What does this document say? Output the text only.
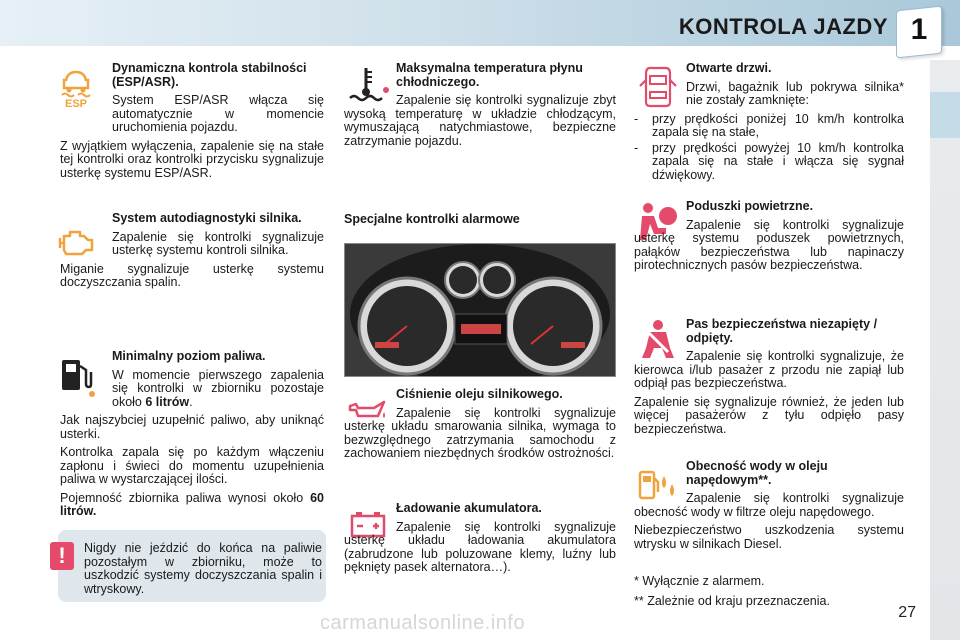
KONTROLA JAZDY 1
ESP
Dynamiczna kontrola stabilności (ESP/ASR).

System ESP/ASR włącza się automatycznie w momencie uruchomienia pojazdu.

Z wyjątkiem wyłączenia, zapalenie się na stałe tej kontrolki oraz kontrolki przycisku sygnalizuje usterkę systemu ESP/ASR.

System autodiagnostyki silnika.

Zapalenie się kontrolki sygnalizuje usterkę systemu kontroli silnika.

Miganie sygnalizuje usterkę systemu doczyszczania spalin.

Minimalny poziom paliwa.

W momencie pierwszego zapalenia się kontrolki w zbiorniku pozostaje około 6 litrów.

Jak najszybciej uzupełnić paliwo, aby uniknąć usterki.

Kontrolka zapala się po każdym włączeniu zapłonu i świeci do momentu uzupełnienia paliwa w wystarczającej ilości.

Pojemność zbiornika paliwa wynosi około 60 litrów.

!	Nigdy nie jeździć do końca na paliwie pozostałym w zbiorniku, może to uszkodzić systemy doczyszczania spalin i wtryskowy.
Maksymalna temperatura płynu chłodniczego.

Zapalenie się kontrolki sygnalizuje zbyt wysoką temperaturę w układzie chłodzącym, wymuszającą natychmiastowe, bezpieczne zatrzymanie pojazdu.

Specjalne kontrolki alarmowe
Ciśnienie oleju silnikowego.

Zapalenie się kontrolki sygnalizuje usterkę układu smarowania silnika, wymaga to bezwzględnego zatrzymania samochodu z zachowaniem niezbędnych środków ostrożności.

Ładowanie akumulatora.

Zapalenie się kontrolki sygnalizuje usterkę układu ładowania akumulatora (zabrudzone lub poluzowane klemy, luźny lub pęknięty pasek alternatora…).

Otwarte drzwi.

Drzwi, bagażnik lub pokrywa silnika* nie zostały zamknięte:

- przy prędkości poniżej 10 km/h kontrolka zapala się na stałe,
- przy prędkości powyżej 10 km/h kontrolka zapala się na stałe i włącza się sygnał dźwiękowy.
Poduszki powietrzne.

Zapalenie się kontrolki sygnalizuje usterkę systemu poduszek powietrznych, pałąków bezpieczeństwa lub napinaczy pirotechnicznych pasów bezpieczeństwa.

Pas bezpieczeństwa niezapięty / odpięty.

Zapalenie się kontrolki sygnalizuje, że kierowca i/lub pasażer z przodu nie zapiął lub odpiął pas bezpieczeństwa.

Zapalenie się sygnalizuje również, że jeden lub więcej pasażerów z tyłu odpięło pasy bezpieczeństwa.

Obecność wody w oleju napędowym**.

Zapalenie się kontrolki sygnalizuje obecność wody w filtrze oleju napędowego.

Niebezpieczeństwo uszkodzenia systemu wtrysku w silnikach Diesel.

* Wyłącznie z alarmem.
** Zależnie od kraju przeznaczenia.
carmanualsonline.info	27
